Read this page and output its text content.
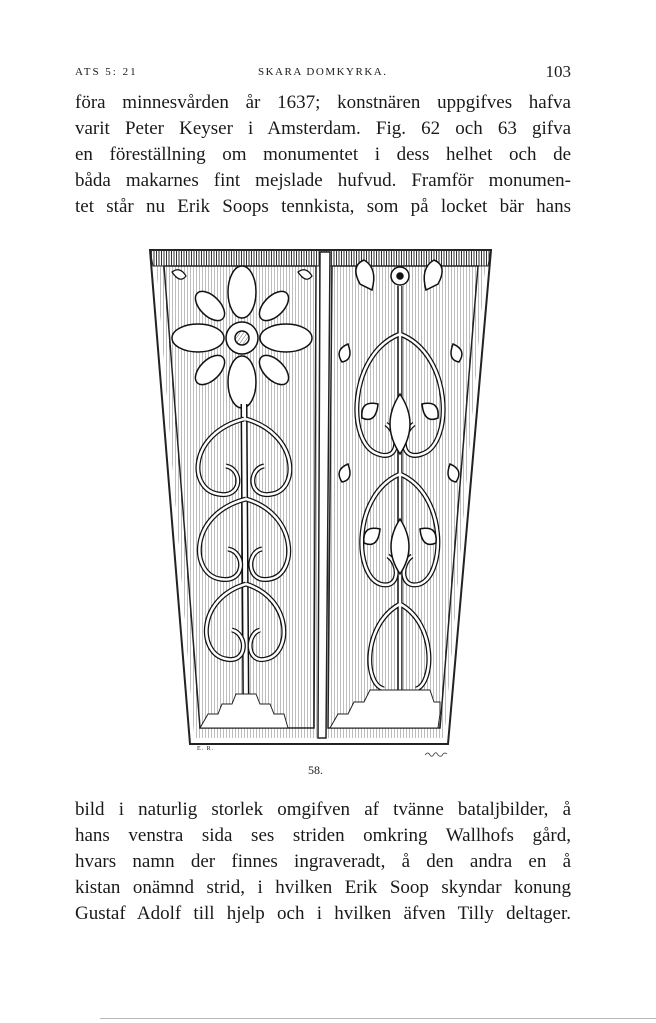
ATS 5: 21	SKARA DOMKYRKA.	103
föra minnesvården år 1637; konstnären uppgifves hafva
varit Peter Keyser i Amsterdam. Fig. 62 och 63 gifva
en föreställning om monumentet i dess helhet och de
båda makarnes fint mejslade hufvud. Framför monumen-
tet står nu Erik Soops tennkista, som på locket bär hans
E. R.
58.
bild i naturlig storlek omgifven af tvänne bataljbilder, å
hans venstra sida ses striden omkring Wallhofs gård,
hvars namn der finnes ingraveradt, å den andra en å
kistan onämnd strid, i hvilken Erik Soop skyndar konung
Gustaf Adolf till hjelp och i hvilken äfven Tilly deltager.
